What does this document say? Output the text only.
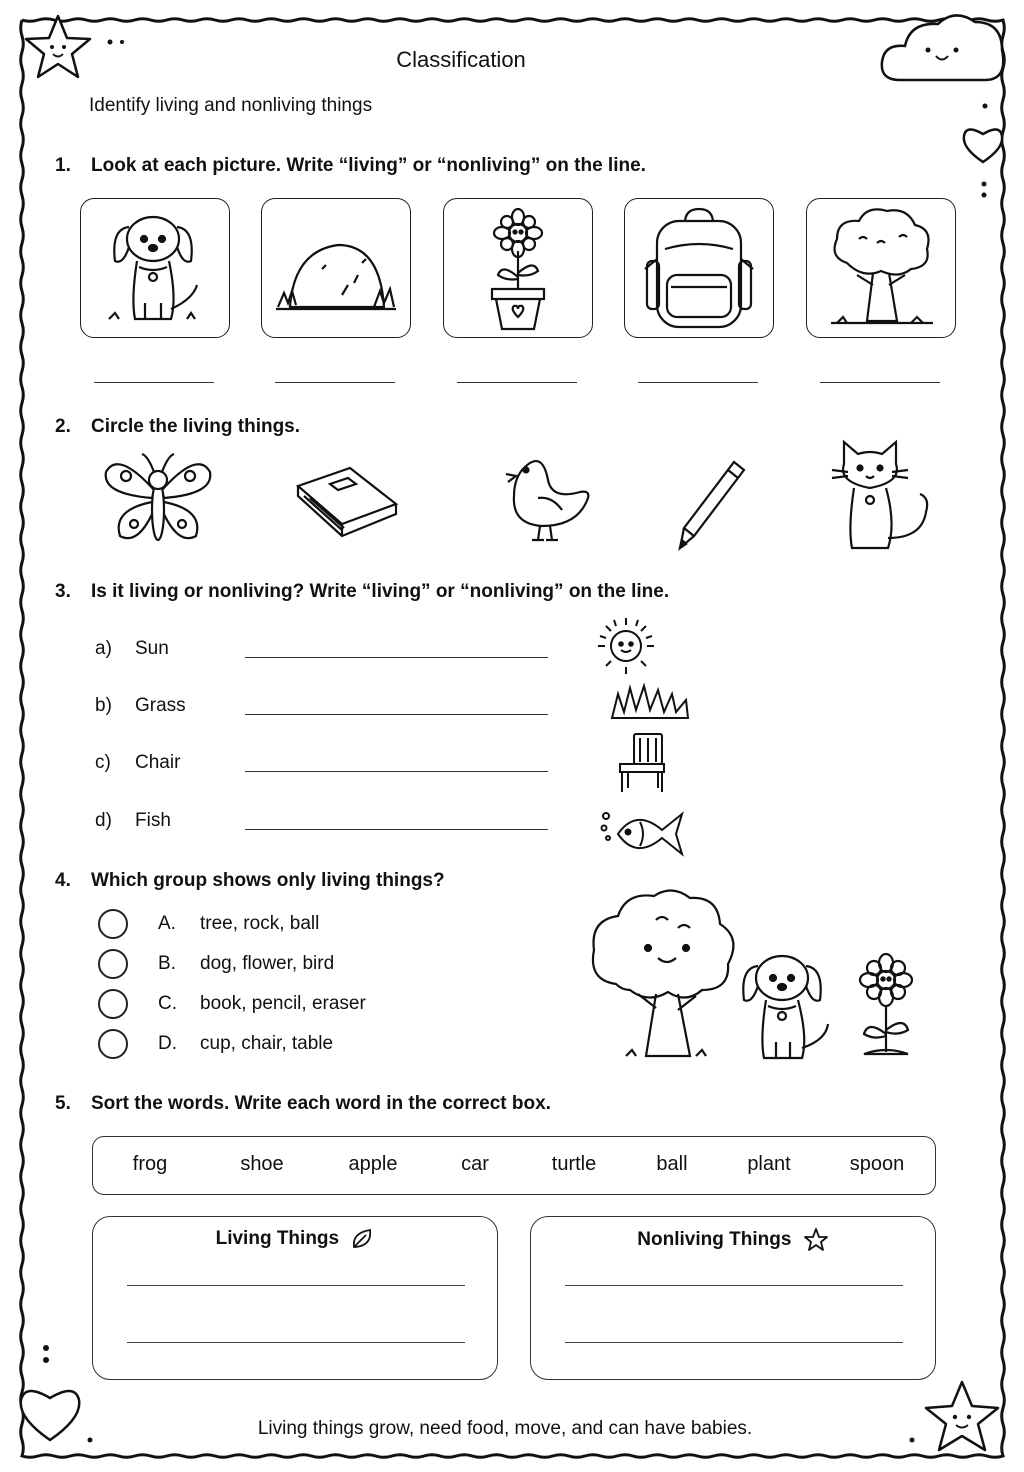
Classification
Identify living and nonliving things
1. Look at each picture. Write “living” or “nonliving” on the line.
2. Circle the living things.
3. Is it living or nonliving? Write “living” or “nonliving” on the line.
a) Sun
b) Grass
c) Chair
d) Fish
4. Which group shows only living things?
A. tree, rock, ball
B. dog, flower, bird
C. book, pencil, eraser
D. cup, chair, table
5. Sort the words. Write each word in the correct box.
frog	shoe	apple	car	turtle	ball	plant	spoon
Living Things	Nonliving Things
Living things grow, need food, move, and can have babies.
